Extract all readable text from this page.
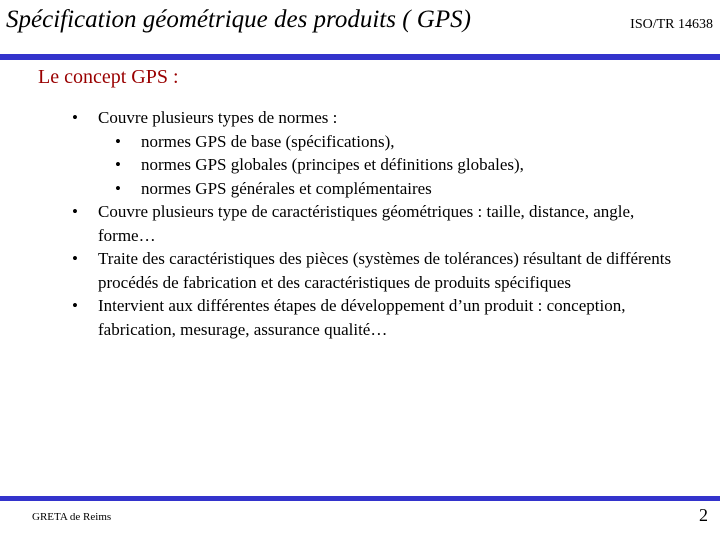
Spécification géométrique des produits ( GPS)	ISO/TR 14638
Le concept GPS :
• Couvre plusieurs types de normes :
• normes GPS de base (spécifications),
• normes GPS globales (principes et définitions globales),
• normes GPS générales et complémentaires
• Couvre plusieurs type de caractéristiques géométriques : taille, distance, angle, forme…
• Traite des caractéristiques des pièces (systèmes de tolérances) résultant de différents procédés de fabrication et des caractéristiques de produits spécifiques
• Intervient aux différentes étapes de développement d’un produit : conception, fabrication, mesurage, assurance qualité…
GRETA de Reims	2
